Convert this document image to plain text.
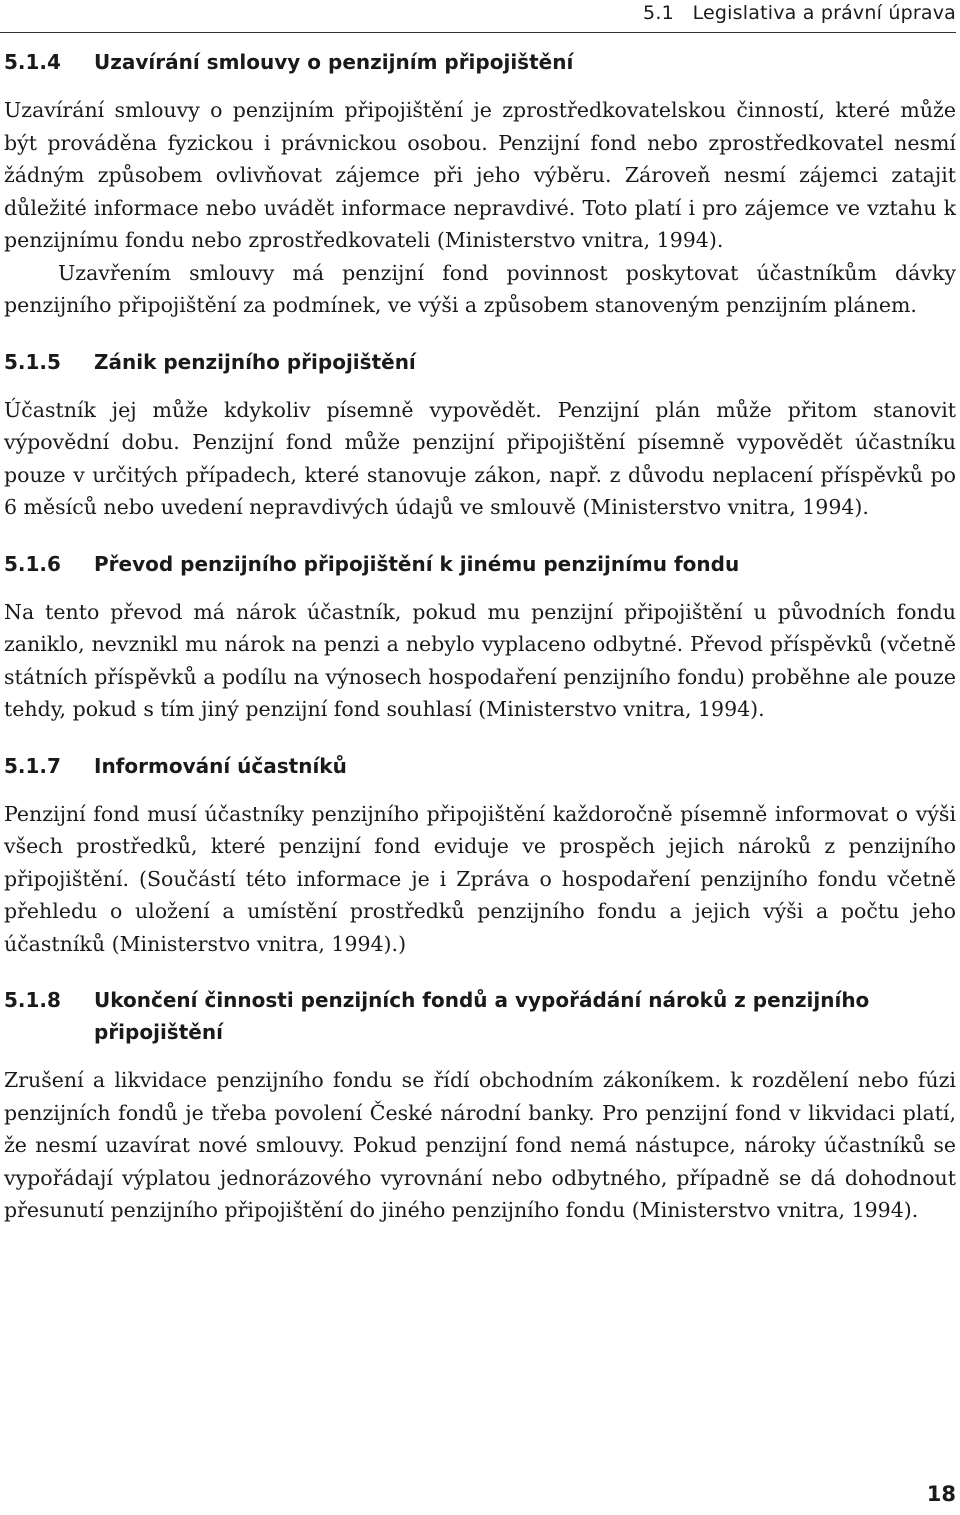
5.1   Legislativa a právní úprava
5.1.4	Uzavírání smlouvy o penzijním připojištění

Uzavírání smlouvy o penzijním připojištění je zprostředkovatelskou činností, které může být prováděna fyzickou i právnickou osobou. Penzijní fond nebo zprostředkovatel nesmí žádným způsobem ovlivňovat zájemce při jeho výběru. Zároveň nesmí zájemci zatajit důležité informace nebo uvádět informace nepravdivé. Toto platí i pro zájemce ve vztahu k penzijnímu fondu nebo zprostředkovateli (Ministerstvo vnitra, 1994).

Uzavřením smlouvy má penzijní fond povinnost poskytovat účastníkům dávky penzijního připojištění za podmínek, ve výši a způsobem stanoveným penzijním plánem.

5.1.5	Zánik penzijního připojištění

Účastník jej může kdykoliv písemně vypovědět. Penzijní plán může přitom stanovit výpovědní dobu. Penzijní fond může penzijní připojištění písemně vypovědět účastníku pouze v určitých případech, které stanovuje zákon, např. z důvodu neplacení příspěvků po 6 měsíců nebo uvedení nepravdivých údajů ve smlouvě (Ministerstvo vnitra, 1994).

5.1.6	Převod penzijního připojištění k jinému penzijnímu fondu

Na tento převod má nárok účastník, pokud mu penzijní připojištění u původních fondu zaniklo, nevznikl mu nárok na penzi a nebylo vyplaceno odbytné. Převod příspěvků (včetně státních příspěvků a podílu na výnosech hospodaření penzijního fondu) proběhne ale pouze tehdy, pokud s tím jiný penzijní fond souhlasí (Ministerstvo vnitra, 1994).

5.1.7	Informování účastníků

Penzijní fond musí účastníky penzijního připojištění každoročně písemně informovat o výši všech prostředků, které penzijní fond eviduje ve prospěch jejich nároků z penzijního připojištění. (Součástí této informace je i Zpráva o hospodaření penzijního fondu včetně přehledu o uložení a umístění prostředků penzijního fondu a jejich výši a počtu jeho účastníků (Ministerstvo vnitra, 1994).)

5.1.8	Ukončení činnosti penzijních fondů a vypořádání nároků z penzijního připojištění

Zrušení a likvidace penzijního fondu se řídí obchodním zákoníkem. k rozdělení nebo fúzi penzijních fondů je třeba povolení České národní banky. Pro penzijní fond v likvidaci platí, že nesmí uzavírat nové smlouvy. Pokud penzijní fond nemá nástupce, nároky účastníků se vypořádají výplatou jednorázového vyrovnání nebo odbytného, případně se dá dohodnout přesunutí penzijního připojištění do jiného penzijního fondu (Ministerstvo vnitra, 1994).

18
